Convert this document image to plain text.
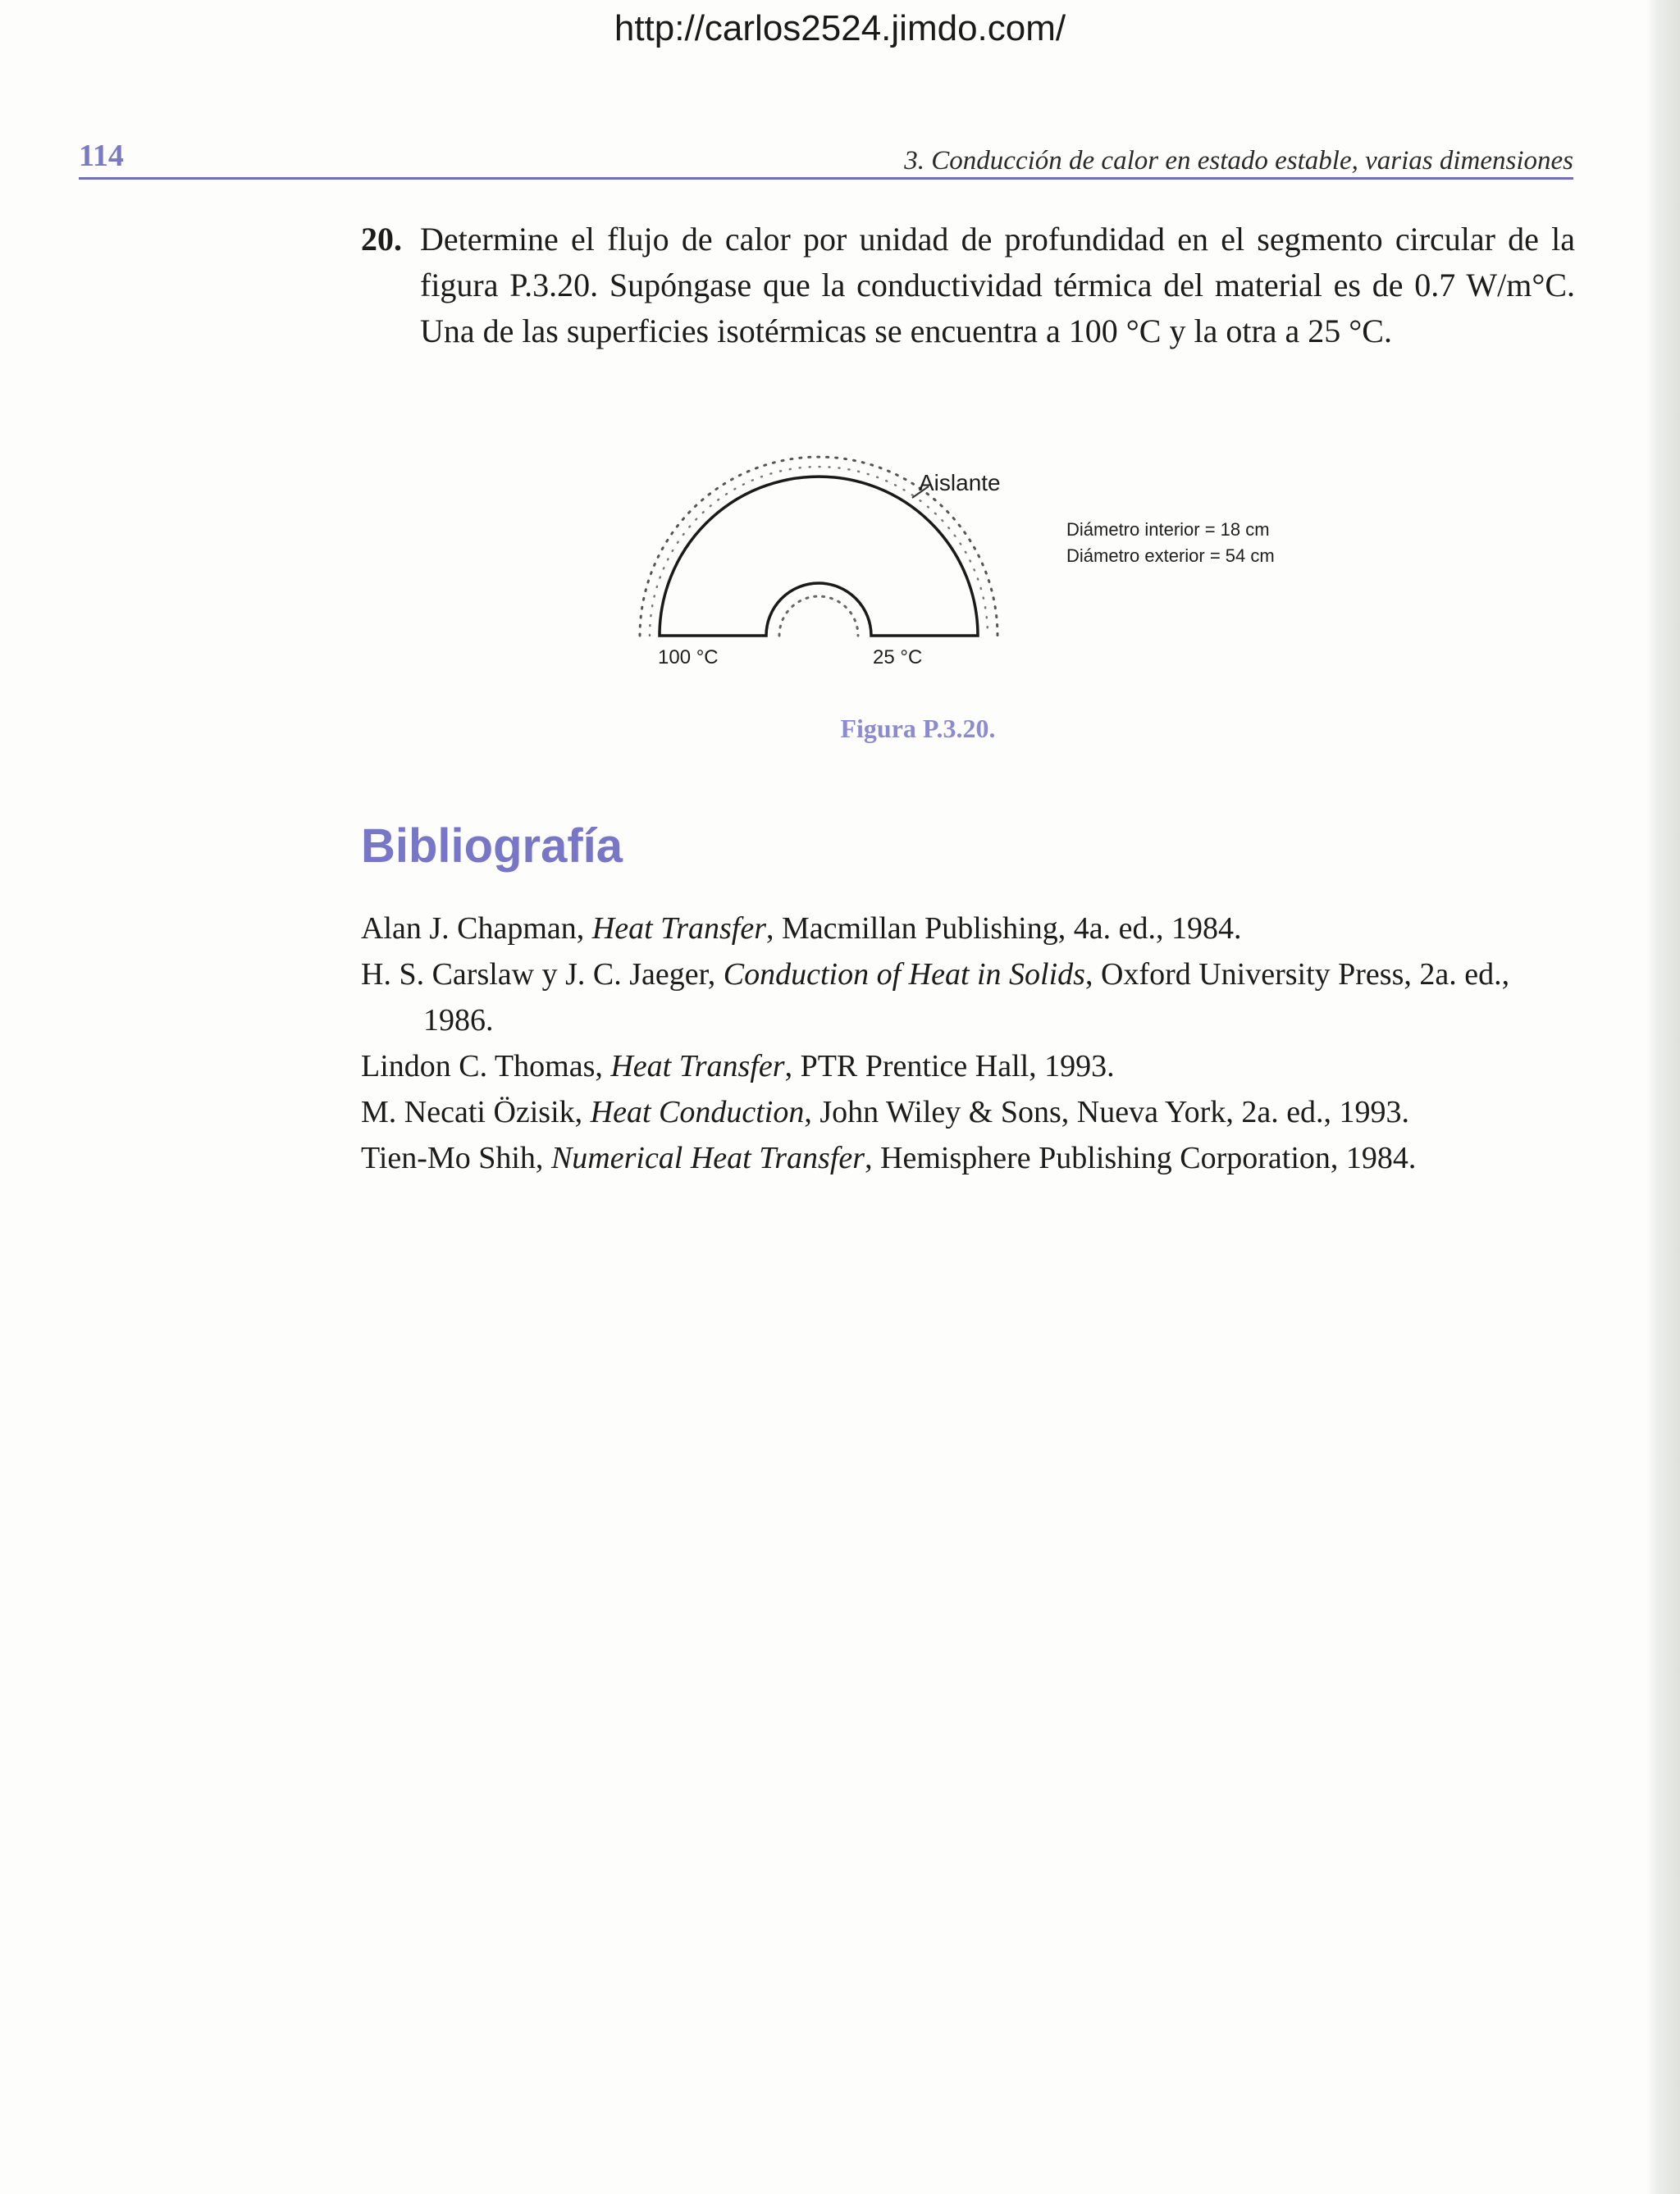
http://carlos2524.jimdo.com/
114	3. Conducción de calor en estado estable, varias dimensiones
20. Determine el flujo de calor por unidad de profundidad en el segmento circular de la figura P.3.20. Supóngase que la conductividad térmica del material es de 0.7 W/m°C. Una de las superficies isotérmicas se encuentra a 100 °C y la otra a 25 °C.
Aislante
100 °C	25 °C
Diámetro interior = 18 cm
Diámetro exterior = 54 cm
Figura P.3.20.
Bibliografía
Alan J. Chapman, Heat Transfer, Macmillan Publishing, 4a. ed., 1984.
H. S. Carslaw y J. C. Jaeger, Conduction of Heat in Solids, Oxford University Press, 2a. ed., 1986.
Lindon C. Thomas, Heat Transfer, PTR Prentice Hall, 1993.
M. Necati Özisik, Heat Conduction, John Wiley & Sons, Nueva York, 2a. ed., 1993.
Tien-Mo Shih, Numerical Heat Transfer, Hemisphere Publishing Corporation, 1984.
